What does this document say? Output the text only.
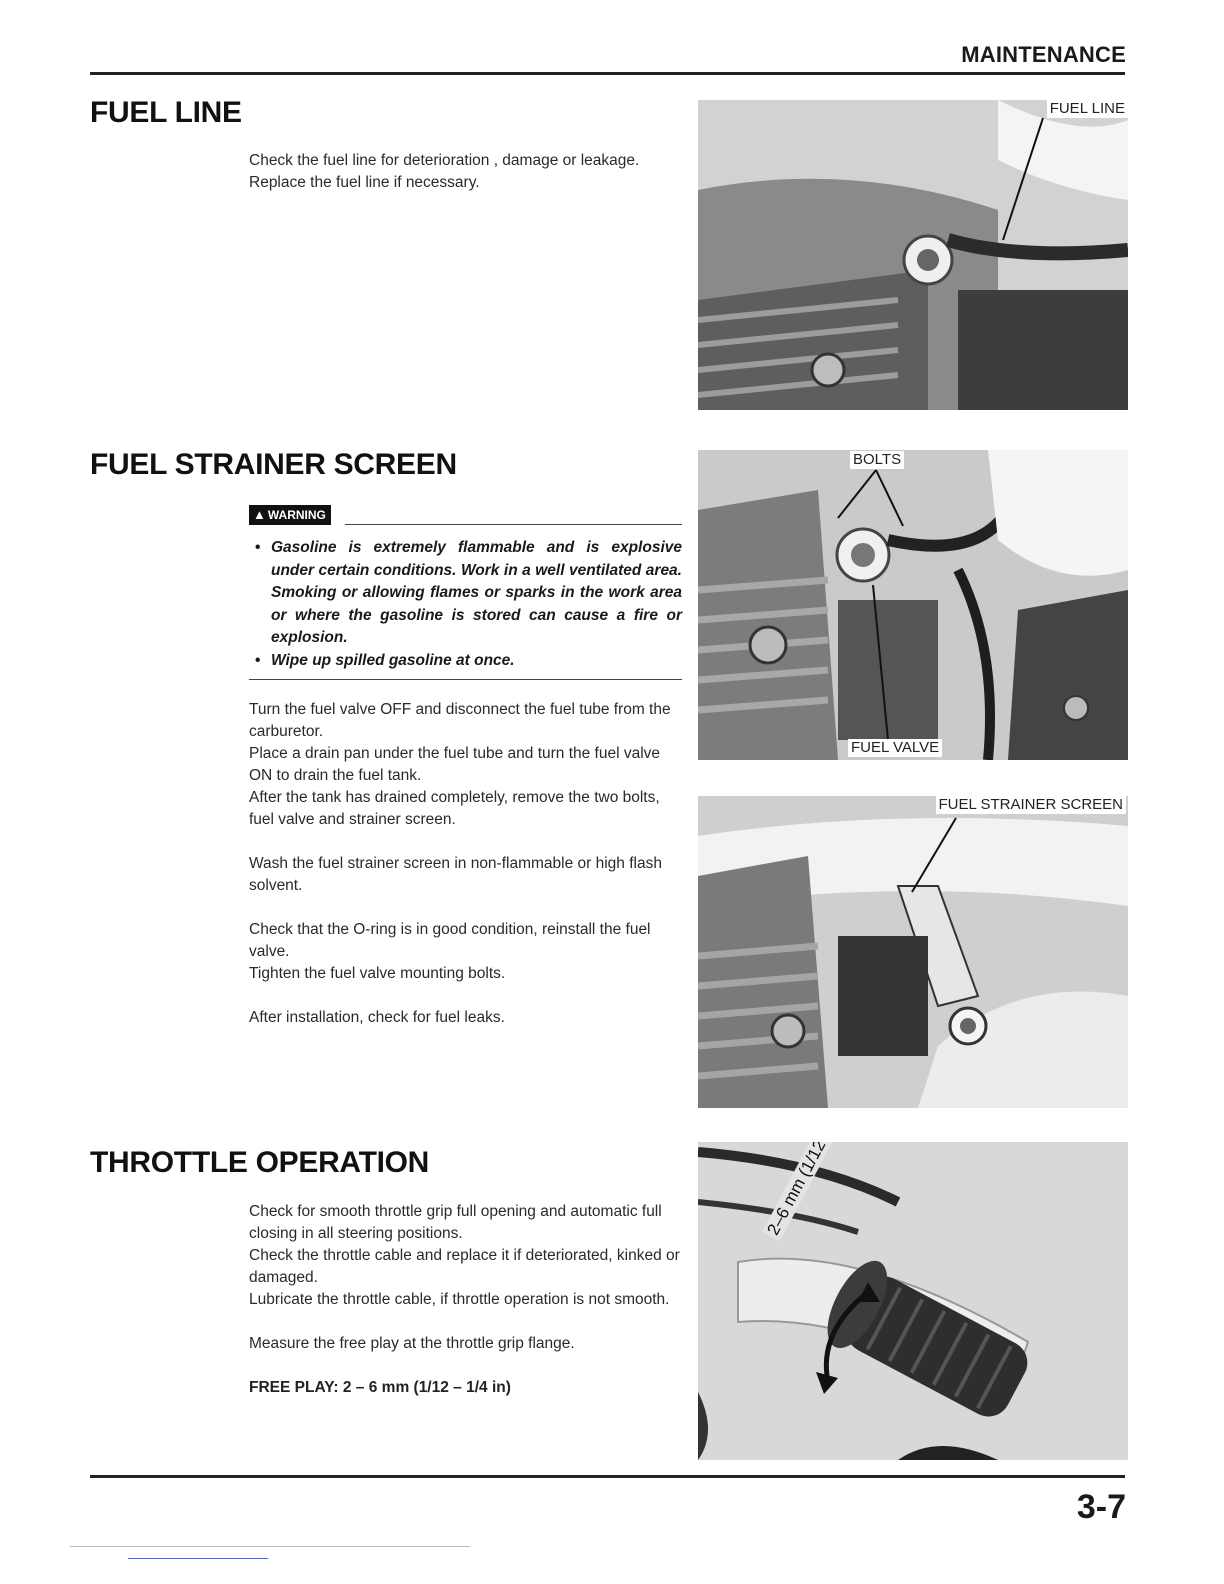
MAINTENANCE
FUEL LINE

Check the fuel line for deterioration , damage or leakage. Replace the fuel line if necessary.

FUEL LINE
FUEL STRAINER SCREEN
▲ WARNING
• Gasoline is extremely flammable and is explosive under certain conditions. Work in a well ventilated area. Smoking or allowing flames or sparks in the work area or where the gasoline is stored can cause a fire or explosion.
• Wipe up spilled gasoline at once.

Turn the fuel valve OFF and disconnect the fuel tube from the carburetor.

Place a drain pan under the fuel tube and turn the fuel valve ON to drain the fuel tank.

After the tank has drained completely, remove the two bolts, fuel valve and strainer screen.

Wash the fuel strainer screen in non-flammable or high flash solvent.

Check that the O-ring is in good condition, reinstall the fuel valve.

Tighten the fuel valve mounting bolts.

After installation, check for fuel leaks.

BOLTS
FUEL VALVE
FUEL STRAINER SCREEN
THROTTLE OPERATION

Check for smooth throttle grip full opening and automatic full closing in all steering positions.

Check the throttle cable and replace it if deteriorated, kinked or damaged.

Lubricate the throttle cable, if throttle operation is not smooth.

Measure the free play at the throttle grip flange.

FREE PLAY: 2 – 6 mm (1/12 – 1/4 in)

3-7
